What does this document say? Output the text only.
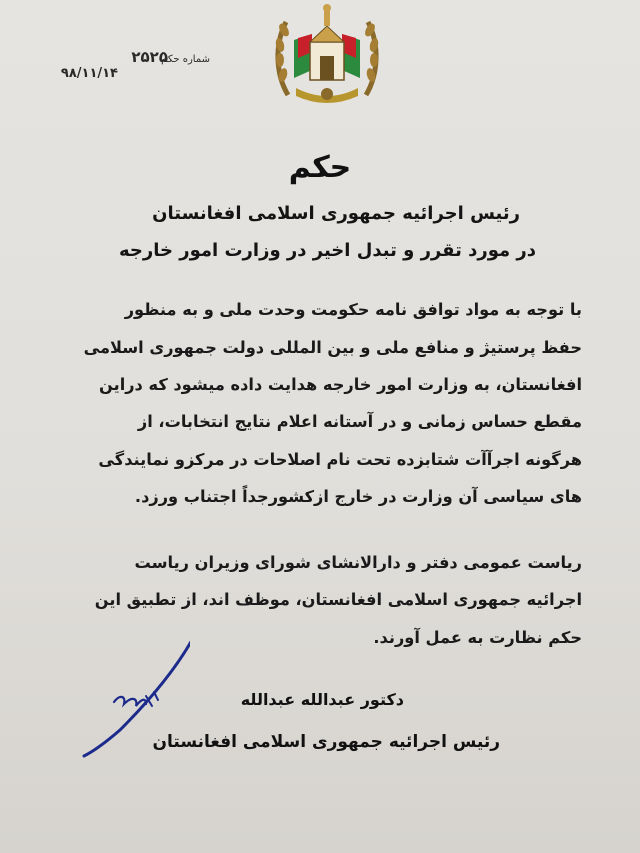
شماره حکم
۲۵۲۵
۹۸/۱۱/۱۴
حکم
رئیس اجرائیه جمهوری اسلامی افغانستان
در مورد تقرر و تبدل اخیر در وزارت امور خارجه
با توجه به مواد توافق نامه حکومت وحدت ملی و به منظور
حفظ پرستیژ و منافع ملی و بین المللی دولت جمهوری اسلامی
افغانستان، به وزارت امور خارجه هدایت داده میشود که دراین
مقطع حساس زمانی و در آستانه اعلام نتایج انتخابات، از
هرگونه اجرآآت شتابزده تحت نام اصلاحات در مرکزو نمایندگی
های سیاسی آن وزارت در خارج ازکشورجداً اجتناب ورزد.
ریاست عمومی دفتر و دارالانشای شورای وزیران ریاست
اجرائیه جمهوری اسلامی افغانستان، موظف اند، از تطبیق این
حکم نظارت به عمل آورند.
دکتور عبدالله عبدالله
رئیس اجرائیه جمهوری اسلامی افغانستان
